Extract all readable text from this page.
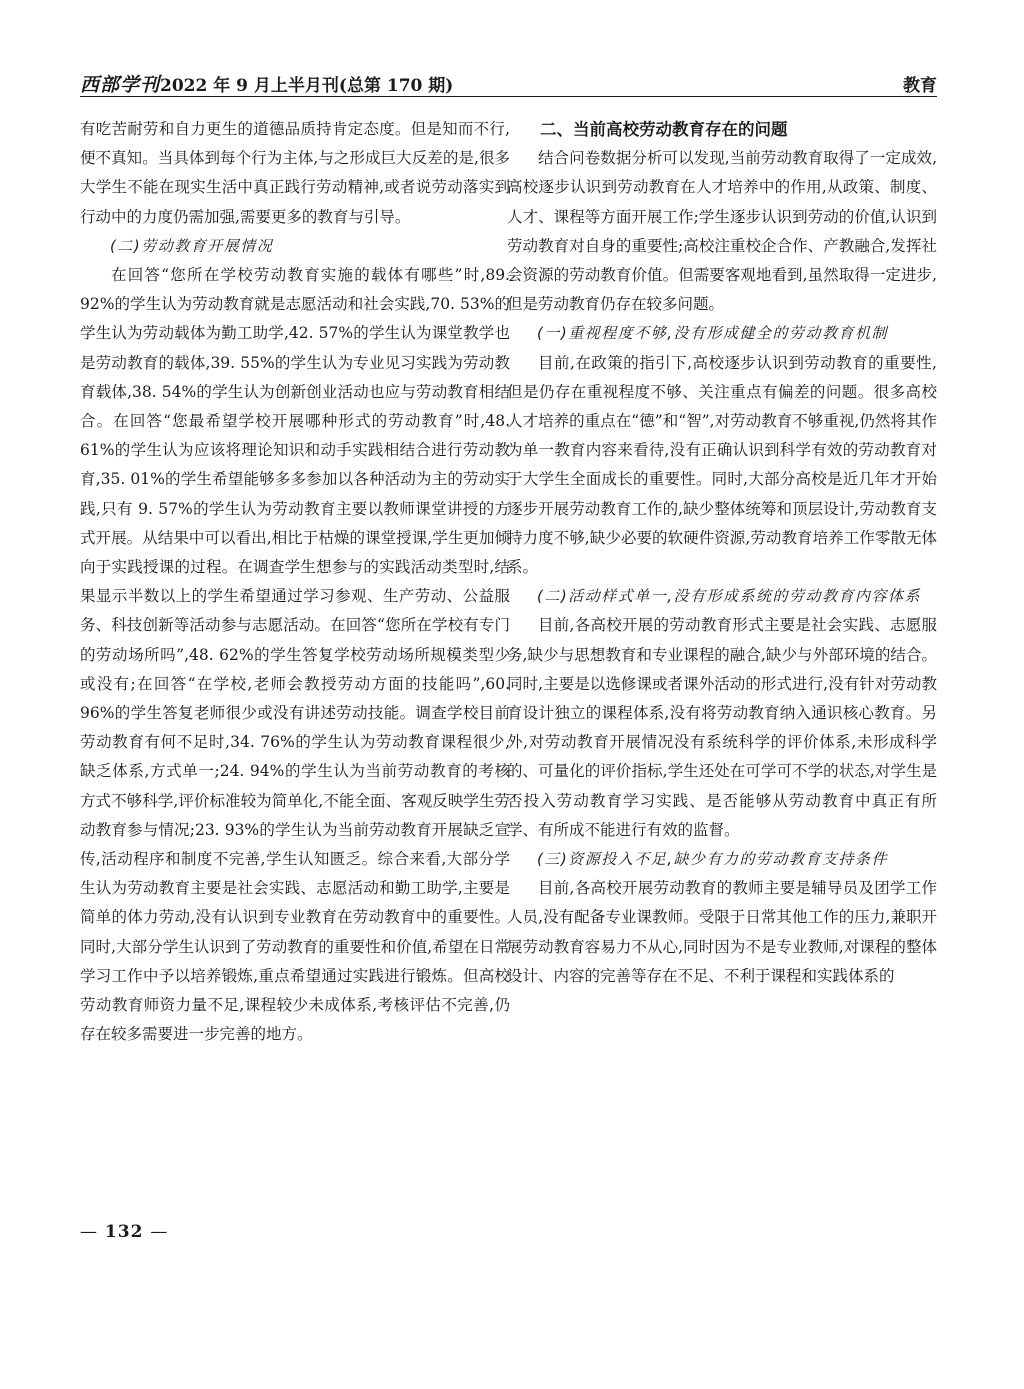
西部学刊 2022 年 9 月上半月刊(总第 170 期)	教育

有吃苦耐劳和自力更生的道德品质持肯定态度。但是知而不行,便不真知。当具体到每个行为主体,与之形成巨大反差的是,很多大学生不能在现实生活中真正践行劳动精神,或者说劳动落实到行动中的力度仍需加强,需要更多的教育与引导。

(二)劳动教育开展情况

在回答“您所在学校劳动教育实施的载体有哪些”时,89. 92%的学生认为劳动教育就是志愿活动和社会实践,70. 53%的学生认为劳动载体为勤工助学,42. 57%的学生认为课堂教学也是劳动教育的载体,39. 55%的学生认为专业见习实践为劳动教育载体,38. 54%的学生认为创新创业活动也应与劳动教育相结合。在回答“您最希望学校开展哪种形式的劳动教育”时,48. 61%的学生认为应该将理论知识和动手实践相结合进行劳动教育,35. 01%的学生希望能够多多参加以各种活动为主的劳动实践,只有 9. 57%的学生认为劳动教育主要以教师课堂讲授的方式开展。从结果中可以看出,相比于枯燥的课堂授课,学生更加倾向于实践授课的过程。在调查学生想参与的实践活动类型时,结果显示半数以上的学生希望通过学习参观、生产劳动、公益服务、科技创新等活动参与志愿活动。在回答“您所在学校有专门的劳动场所吗”,48. 62%的学生答复学校劳动场所规模类型少或没有;在回答“在学校,老师会教授劳动方面的技能吗”,60. 96%的学生答复老师很少或没有讲述劳动技能。调查学校目前劳动教育有何不足时,34. 76%的学生认为劳动教育课程很少,缺乏体系,方式单一;24. 94%的学生认为当前劳动教育的考核方式不够科学,评价标准较为简单化,不能全面、客观反映学生劳动教育参与情况;23. 93%的学生认为当前劳动教育开展缺乏宣传,活动程序和制度不完善,学生认知匮乏。综合来看,大部分学生认为劳动教育主要是社会实践、志愿活动和勤工助学,主要是简单的体力劳动,没有认识到专业教育在劳动教育中的重要性。同时,大部分学生认识到了劳动教育的重要性和价值,希望在日常学习工作中予以培养锻炼,重点希望通过实践进行锻炼。但高校劳动教育师资力量不足,课程较少未成体系,考核评估不完善,仍存在较多需要进一步完善的地方。

二、当前高校劳动教育存在的问题

结合问卷数据分析可以发现,当前劳动教育取得了一定成效,高校逐步认识到劳动教育在人才培养中的作用,从政策、制度、人才、课程等方面开展工作;学生逐步认识到劳动的价值,认识到劳动教育对自身的重要性;高校注重校企合作、产教融合,发挥社会资源的劳动教育价值。但需要客观地看到,虽然取得一定进步,但是劳动教育仍存在较多问题。

(一)重视程度不够,没有形成健全的劳动教育机制

目前,在政策的指引下,高校逐步认识到劳动教育的重要性,但是仍存在重视程度不够、关注重点有偏差的问题。很多高校人才培养的重点在“德”和“智”,对劳动教育不够重视,仍然将其作为单一教育内容来看待,没有正确认识到科学有效的劳动教育对于大学生全面成长的重要性。同时,大部分高校是近几年才开始逐步开展劳动教育工作的,缺少整体统筹和顶层设计,劳动教育支持力度不够,缺少必要的软硬件资源,劳动教育培养工作零散无体系。

(二)活动样式单一,没有形成系统的劳动教育内容体系

目前,各高校开展的劳动教育形式主要是社会实践、志愿服务,缺少与思想教育和专业课程的融合,缺少与外部环境的结合。同时,主要是以选修课或者课外活动的形式进行,没有针对劳动教育设计独立的课程体系,没有将劳动教育纳入通识核心教育。另外,对劳动教育开展情况没有系统科学的评价体系,未形成科学的、可量化的评价指标,学生还处在可学可不学的状态,对学生是否投入劳动教育学习实践、是否能够从劳动教育中真正有所学、有所成不能进行有效的监督。

(三)资源投入不足,缺少有力的劳动教育支持条件

目前,各高校开展劳动教育的教师主要是辅导员及团学工作人员,没有配备专业课教师。受限于日常其他工作的压力,兼职开展劳动教育容易力不从心,同时因为不是专业教师,对课程的整体设计、内容的完善等存在不足、不利于课程和实践体系的

— 132 —
